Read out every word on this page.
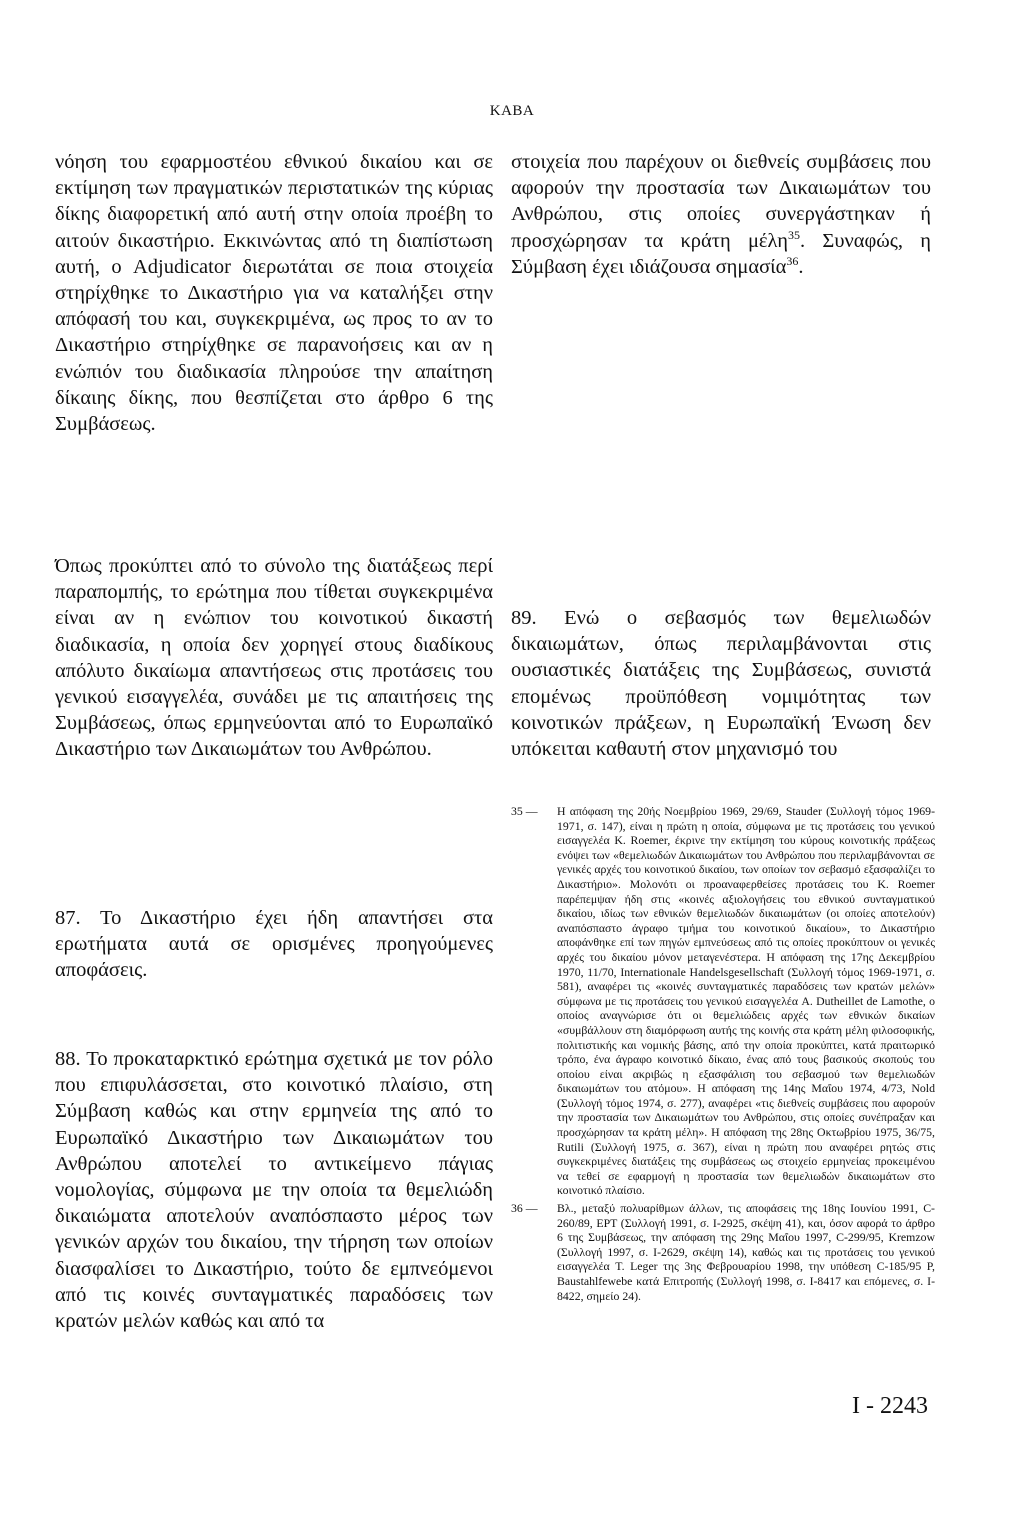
KABA

νόηση του εφαρμοστέου εθνικού δικαίου και σε εκτίμηση των πραγματικών περιστατικών της κύριας δίκης διαφορετική από αυτή στην οποία προέβη το αιτούν δικαστήριο. Εκκινώντας από τη διαπίστωση αυτή, ο Adjudicator διερωτάται σε ποια στοιχεία στηρίχθηκε το Δικαστήριο για να καταλήξει στην απόφασή του και, συγκεκριμένα, ως προς το αν το Δικαστήριο στηρίχθηκε σε παρανοήσεις και αν η ενώπιόν του διαδικασία πληρούσε την απαίτηση δίκαιης δίκης, που θεσπίζεται στο άρθρο 6 της Συμβάσεως.

Όπως προκύπτει από το σύνολο της διατάξεως περί παραπομπής, το ερώτημα που τίθεται συγκεκριμένα είναι αν η ενώπιον του κοινοτικού δικαστή διαδικασία, η οποία δεν χορηγεί στους διαδίκους απόλυτο δικαίωμα απαντήσεως στις προτάσεις του γενικού εισαγγελέα, συνάδει με τις απαιτήσεις της Συμβάσεως, όπως ερμηνεύονται από το Ευρωπαϊκό Δικαστήριο των Δικαιωμάτων του Ανθρώπου.

87. Το Δικαστήριο έχει ήδη απαντήσει στα ερωτήματα αυτά σε ορισμένες προηγούμενες αποφάσεις.

88. Το προκαταρκτικό ερώτημα σχετικά με τον ρόλο που επιφυλάσσεται, στο κοινοτικό πλαίσιο, στη Σύμβαση καθώς και στην ερμηνεία της από το Ευρωπαϊκό Δικαστήριο των Δικαιωμάτων του Ανθρώπου αποτελεί το αντικείμενο πάγιας νομολογίας, σύμφωνα με την οποία τα θεμελιώδη δικαιώματα αποτελούν αναπόσπαστο μέρος των γενικών αρχών του δικαίου, την τήρηση των οποίων διασφαλίσει το Δικαστήριο, τούτο δε εμπνεόμενοι από τις κοινές συνταγματικές παραδόσεις των κρατών μελών καθώς και από τα

στοιχεία που παρέχουν οι διεθνείς συμβάσεις που αφορούν την προστασία των Δικαιωμάτων του Ανθρώπου, στις οποίες συνεργάστηκαν ή προσχώρησαν τα κράτη μέλη$^{35}$. Συναφώς, η Σύμβαση έχει ιδιάζουσα σημασία$^{36}$.

89. Ενώ ο σεβασμός των θεμελιωδών δικαιωμάτων, όπως περιλαμβάνονται στις ουσιαστικές διατάξεις της Συμβάσεως, συνιστά επομένως προϋπόθεση νομιμότητας των κοινοτικών πράξεων, η Ευρωπαϊκή Ένωση δεν υπόκειται καθαυτή στον μηχανισμό του

35 —	Η απόφαση της 20ής Νοεμβρίου 1969, 29/69, Stauder (Συλλογή τόμος 1969-1971, σ. 147), είναι η πρώτη η οποία, σύμφωνα με τις προτάσεις του γενικού εισαγγελέα K. Roemer, έκρινε την εκτίμηση του κύρους κοινοτικής πράξεως ενόψει των «θεμελιωδών Δικαιωμάτων του Ανθρώπου που περιλαμβάνονται σε γενικές αρχές του κοινοτικού δικαίου, των οποίων τον σεβασμό εξασφαλίζει το Δικαστήριο». Μολονότι οι προαναφερθείσες προτάσεις του K. Roemer παρέπεμψαν ήδη στις «κοινές αξιολογήσεις του εθνικού συνταγματικού δικαίου, ιδίως των εθνικών θεμελιωδών δικαιωμάτων (οι οποίες αποτελούν) αναπόσπαστο άγραφο τμήμα του κοινοτικού δικαίου», το Δικαστήριο αποφάνθηκε επί των πηγών εμπνεύσεως από τις οποίες προκύπτουν οι γενικές αρχές του δικαίου μόνον μεταγενέστερα. Η απόφαση της 17ης Δεκεμβρίου 1970, 11/70, Internationale Handelsgesellschaft (Συλλογή τόμος 1969-1971, σ. 581), αναφέρει τις «κοινές συνταγματικές παραδόσεις των κρατών μελών» σύμφωνα με τις προτάσεις του γενικού εισαγγελέα A. Dutheillet de Lamothe, ο οποίος αναγνώρισε ότι οι θεμελιώδεις αρχές των εθνικών δικαίων «συμβάλλουν στη διαμόρφωση αυτής της κοινής στα κράτη μέλη φιλοσοφικής, πολιτιστικής και νομικής βάσης, από την οποία προκύπτει, κατά πραιτωρικό τρόπο, ένα άγραφο κοινοτικό δίκαιο, ένας από τους βασικούς σκοπούς του οποίου είναι ακριβώς η εξασφάλιση του σεβασμού των θεμελιωδών δικαιωμάτων του ατόμου». Η απόφαση της 14ης Μαΐου 1974, 4/73, Nold (Συλλογή τόμος 1974, σ. 277), αναφέρει «τις διεθνείς συμβάσεις που αφορούν την προστασία των Δικαιωμάτων του Ανθρώπου, στις οποίες συνέπραξαν και προσχώρησαν τα κράτη μέλη». Η απόφαση της 28ης Οκτωβρίου 1975, 36/75, Rutili (Συλλογή 1975, σ. 367), είναι η πρώτη που αναφέρει ρητώς στις συγκεκριμένες διατάξεις της συμβάσεως ως στοιχείο ερμηνείας προκειμένου να τεθεί σε εφαρμογή η προστασία των θεμελιωδών δικαιωμάτων στο κοινοτικό πλαίσιο.
36 —	Βλ., μεταξύ πολυαρίθμων άλλων, τις αποφάσεις της 18ης Ιουνίου 1991, C-260/89, ΕΡΤ (Συλλογή 1991, σ. I-2925, σκέψη 41), και, όσον αφορά το άρθρο 6 της Συμβάσεως, την απόφαση της 29ης Μαΐου 1997, C-299/95, Kremzow (Συλλογή 1997, σ. I-2629, σκέψη 14), καθώς και τις προτάσεις του γενικού εισαγγελέα T. Leger της 3ης Φεβρουαρίου 1998, την υπόθεση C-185/95 P, Baustahlfewebe κατά Επιτροπής (Συλλογή 1998, σ. I-8417 και επόμενες, σ. I-8422, σημείο 24).
I - 2243
